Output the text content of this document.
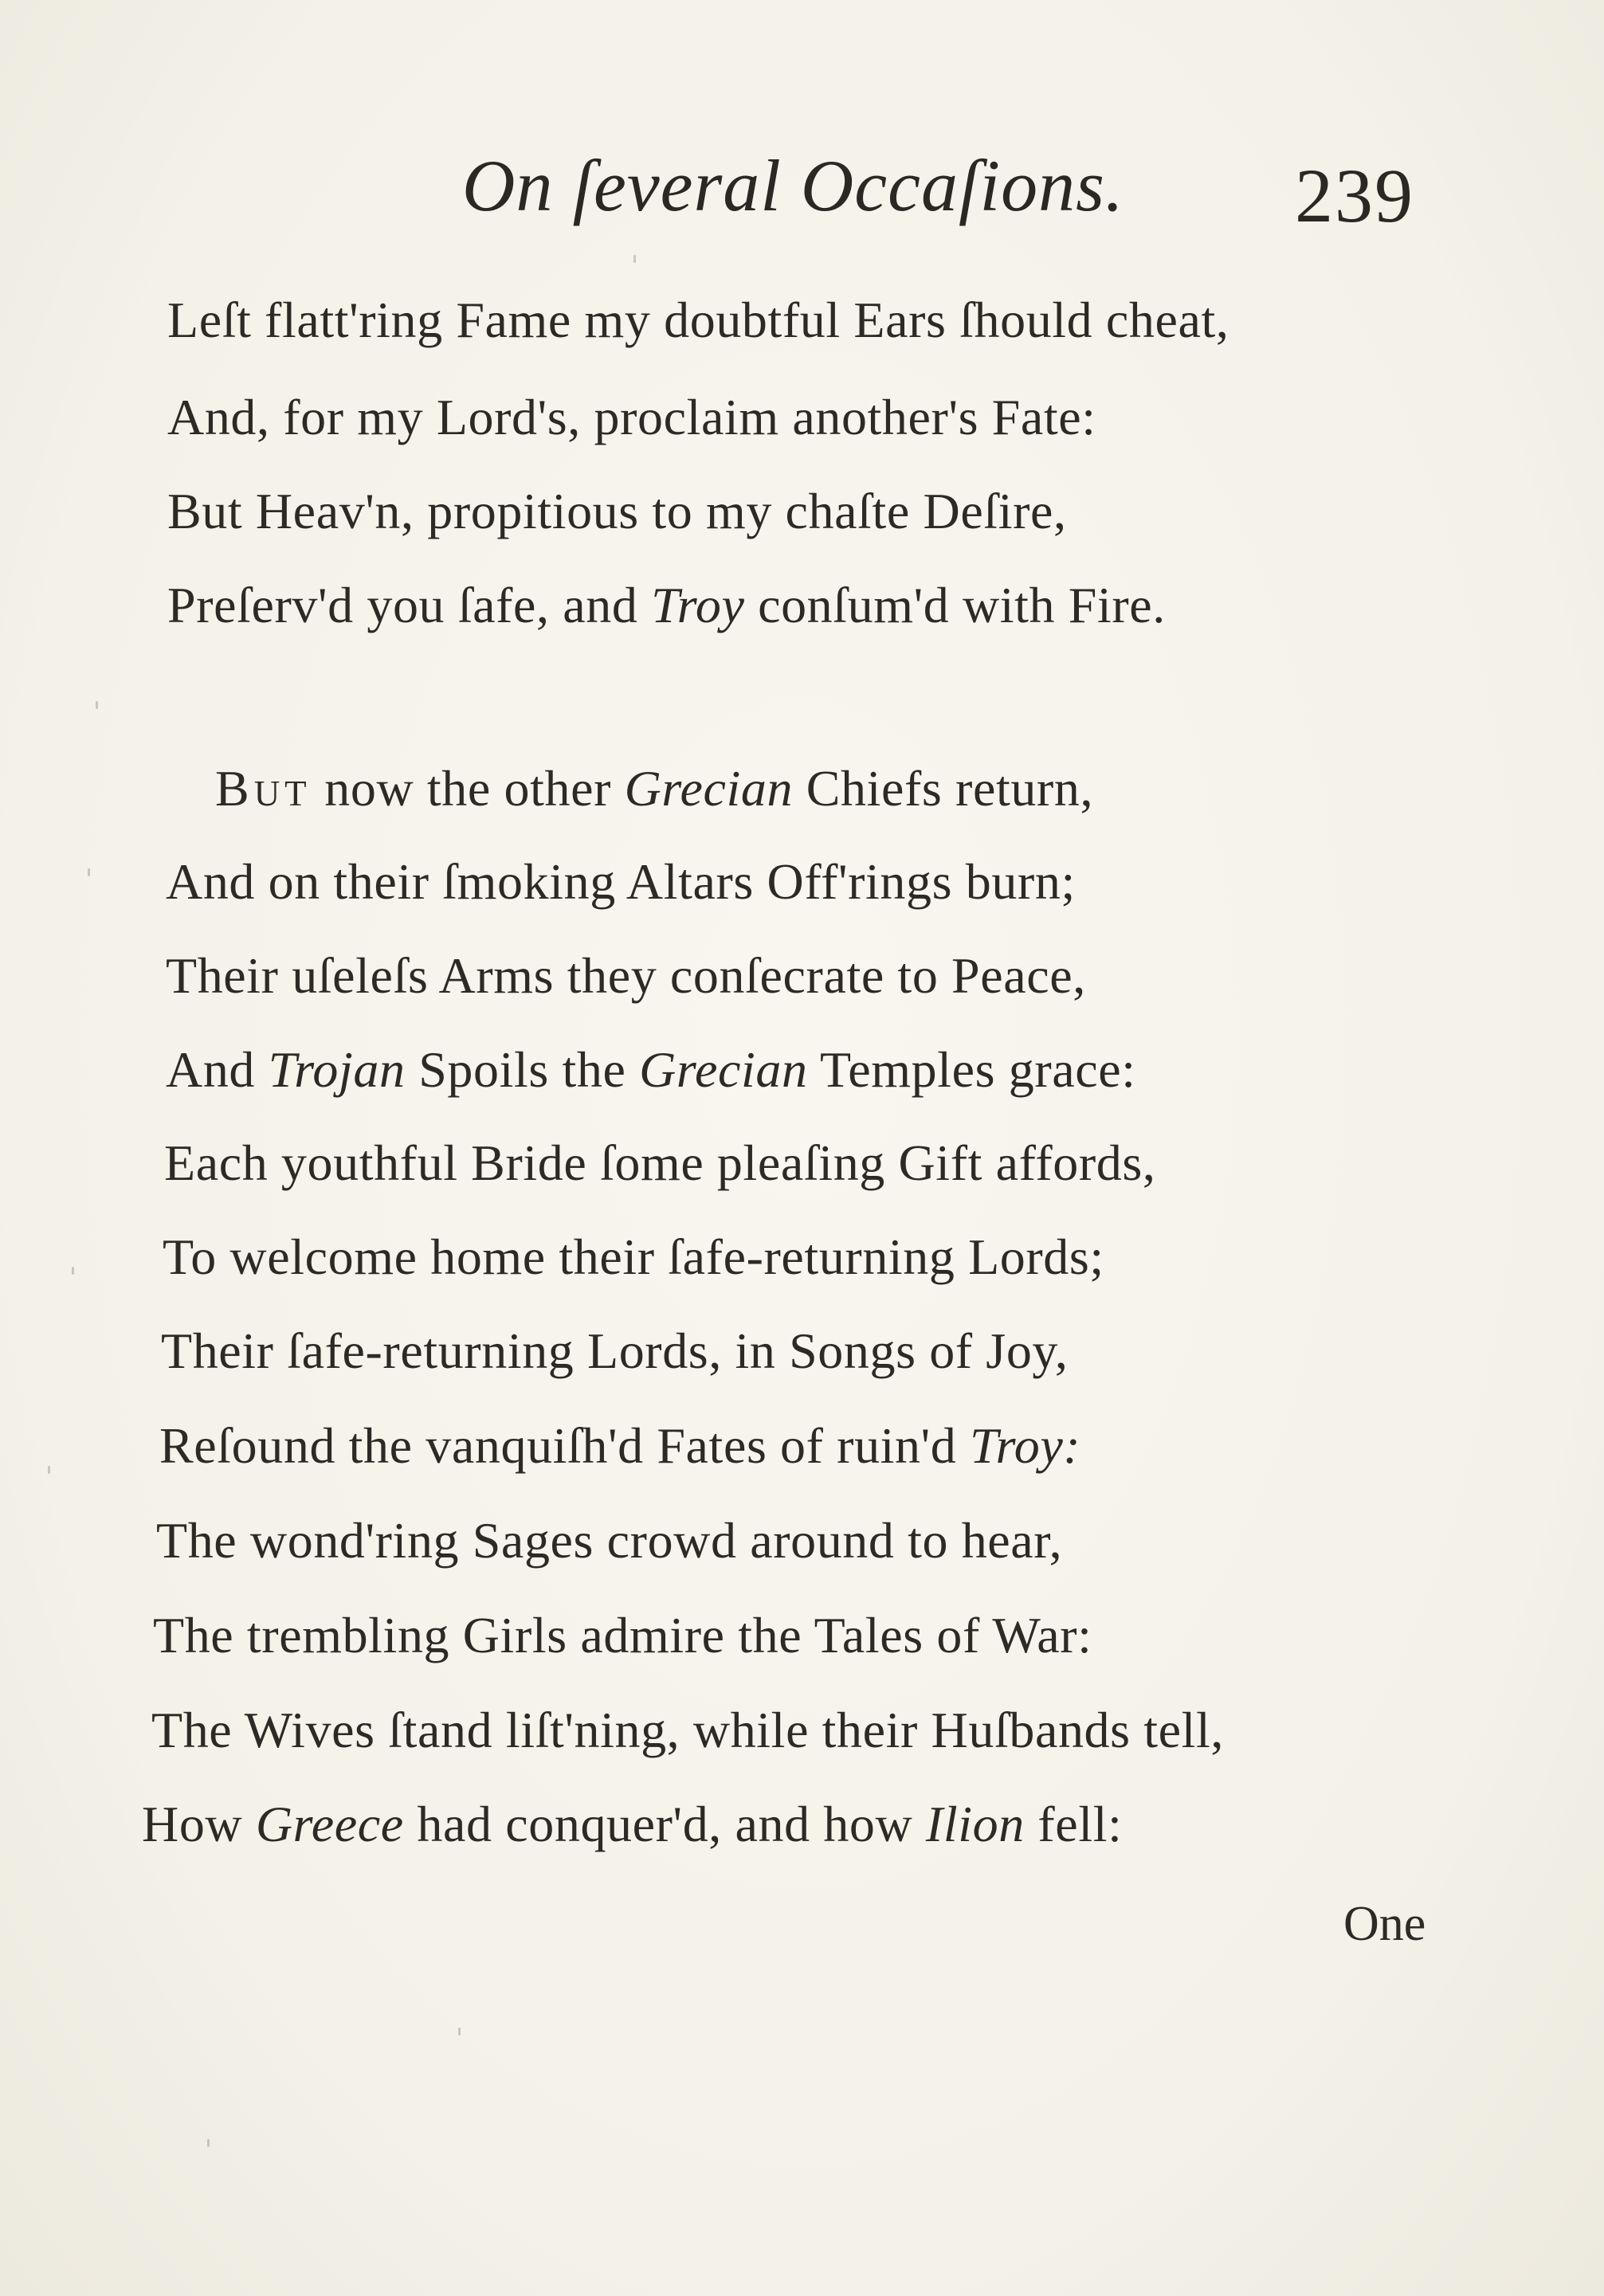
On ſeveral Occaſions. 239
Leſt flatt'ring Fame my doubtful Ears ſhould cheat,
And, for my Lord's, proclaim another's Fate:
But Heav'n, propitious to my chaſte Deſire,
Preſerv'd you ſafe, and Troy conſum'd with Fire.
But now the other Grecian Chiefs return,
And on their ſmoking Altars Off'rings burn;
Their uſeleſs Arms they conſecrate to Peace,
And Trojan Spoils the Grecian Temples grace:
Each youthful Bride ſome pleaſing Gift affords,
To welcome home their ſafe-returning Lords;
Their ſafe-returning Lords, in Songs of Joy,
Reſound the vanquiſh'd Fates of ruin'd Troy:
The wond'ring Sages crowd around to hear,
The trembling Girls admire the Tales of War:
The Wives ſtand liſt'ning, while their Huſbands tell,
How Greece had conquer'd, and how Ilion fell:
One
